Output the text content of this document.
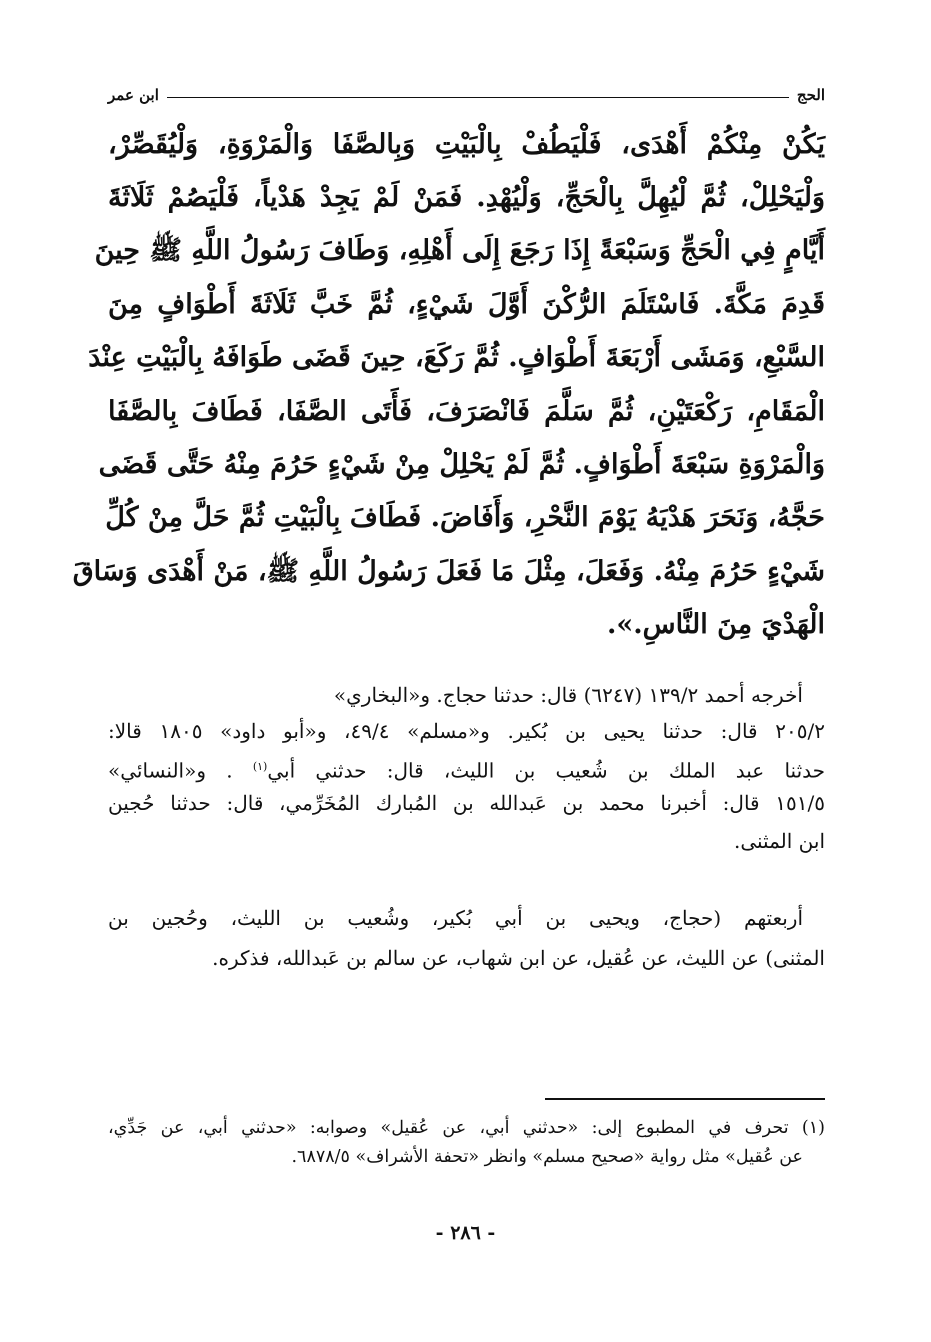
الحج
ابن عمر
يَكُنْ مِنْكُمْ أَهْدَى، فَلْيَطُفْ بِالْبَيْتِ وَبِالصَّفَا وَالْمَرْوَةِ، وَلْيُقَصِّرْ،
وَلْيَحْلِلْ، ثُمَّ لْيُهِلَّ بِالْحَجِّ، وَلْيُهْدِ. فَمَنْ لَمْ يَجِدْ هَدْياً، فَلْيَصُمْ ثَلَاثَةَ
أَيَّامٍ فِي الْحَجِّ وَسَبْعَةً إِذَا رَجَعَ إِلَى أَهْلِهِ، وَطَافَ رَسُولُ اللَّهِ ﷺ حِينَ
قَدِمَ مَكَّةَ. فَاسْتَلَمَ الرُّكْنَ أَوَّلَ شَيْءٍ، ثُمَّ خَبَّ ثَلَاثَةَ أَطْوَافٍ مِنَ
السَّبْعِ، وَمَشَى أَرْبَعَةَ أَطْوَافٍ. ثُمَّ رَكَعَ، حِينَ قَضَى طَوَافَهُ بِالْبَيْتِ عِنْدَ
الْمَقَامِ، رَكْعَتَيْنِ، ثُمَّ سَلَّمَ فَانْصَرَفَ، فَأَتَى الصَّفَا، فَطَافَ بِالصَّفَا
وَالْمَرْوَةِ سَبْعَةَ أَطْوَافٍ. ثُمَّ لَمْ يَحْلِلْ مِنْ شَيْءٍ حَرُمَ مِنْهُ حَتَّى قَضَى
حَجَّهُ، وَنَحَرَ هَدْيَهُ يَوْمَ النَّحْرِ، وَأَفَاضَ. فَطَافَ بِالْبَيْتِ ثُمَّ حَلَّ مِنْ كُلِّ
شَيْءٍ حَرُمَ مِنْهُ. وَفَعَلَ، مِثْلَ مَا فَعَلَ رَسُولُ اللَّهِ ﷺ، مَنْ أَهْدَى وَسَاقَ
الْهَدْيَ مِنَ النَّاسِ.».
أخرجه أحمد ١٣٩/٢ (٦٢٤٧) قال: حدثنا حجاج. و«البخاري»
٢٠٥/٢ قال: حدثنا يحيى بن بُكير. و«مسلم» ٤٩/٤، و«أبو داود» ١٨٠٥ قالا:
حدثنا عبد الملك بن شُعيب بن الليث، قال: حدثني أبي$^{(١)}$ . و«النسائي»
١٥١/٥ قال: أخبرنا محمد بن عَبدالله بن المُبارك المُخَرِّمي، قال: حدثنا حُجين
ابن المثنى.
أربعتهم (حجاج، ويحيى بن أبي بُكير، وشُعيب بن الليث، وحُجين بن
المثنى) عن الليث، عن عُقيل، عن ابن شهاب، عن سالم بن عَبدالله، فذكره.
(١) تحرف في المطبوع إلى: «حدثني أبي، عن عُقيل» وصوابه: «حدثني أبي، عن جَدِّي،
عن عُقيل» مثل رواية «صحيح مسلم» وانظر «تحفة الأشراف» ٦٨٧٨/٥.
- ٢٨٦ -
